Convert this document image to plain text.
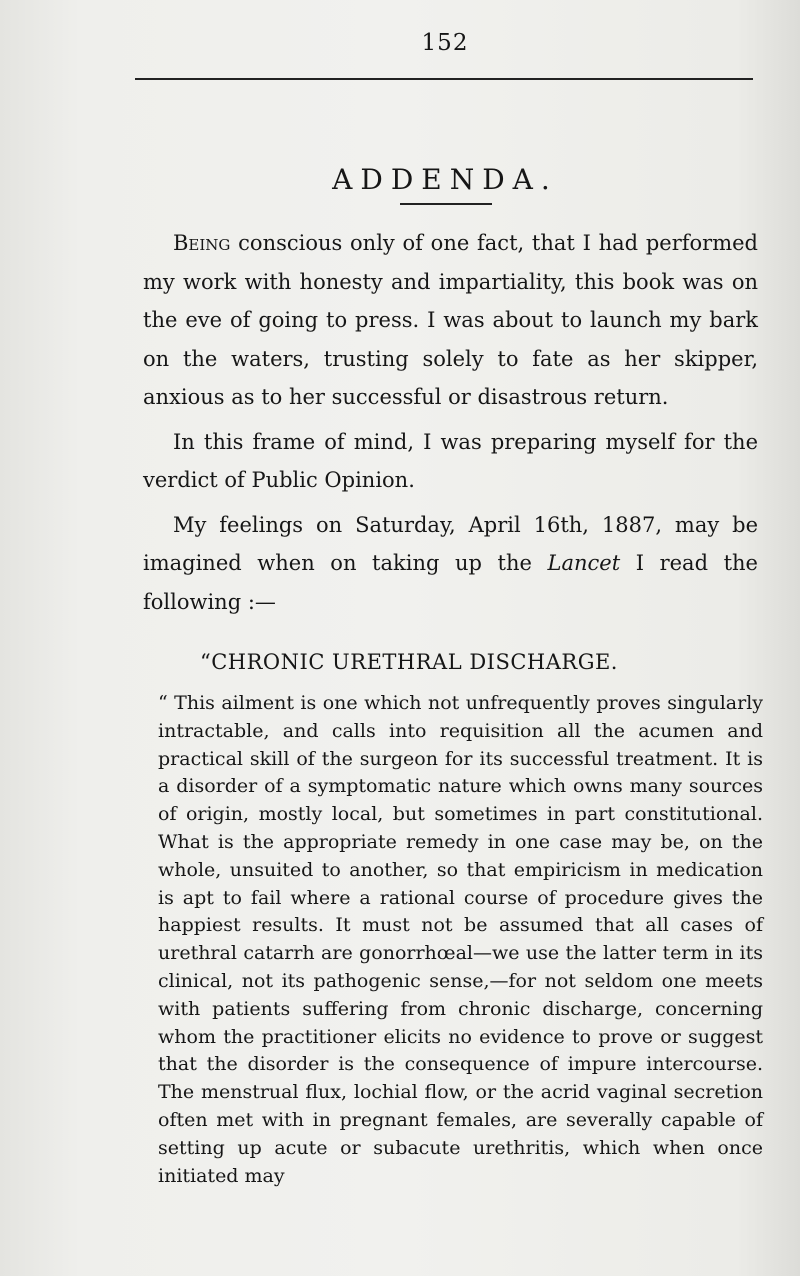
152
ADDENDA.

Being conscious only of one fact, that I had performed my work with honesty and impartiality, this book was on the eve of going to press. I was about to launch my bark on the waters, trusting solely to fate as her skipper, anxious as to her successful or disastrous return.

In this frame of mind, I was preparing myself for the verdict of Public Opinion.

My feelings on Saturday, April 16th, 1887, may be imagined when on taking up the Lancet I read the following :—

“CHRONIC URETHRAL DISCHARGE.

“ This ailment is one which not unfrequently proves singularly intractable, and calls into requisition all the acumen and practical skill of the surgeon for its successful treatment. It is a disorder of a symptomatic nature which owns many sources of origin, mostly local, but sometimes in part constitutional. What is the appropriate remedy in one case may be, on the whole, unsuited to another, so that empiricism in medication is apt to fail where a rational course of procedure gives the happiest results. It must not be assumed that all cases of urethral catarrh are gonorrhœal—we use the latter term in its clinical, not its pathogenic sense,—for not seldom one meets with patients suffering from chronic discharge, concerning whom the practitioner elicits no evidence to prove or suggest that the disorder is the consequence of impure intercourse. The menstrual flux, lochial flow, or the acrid vaginal secretion often met with in pregnant females, are severally capable of setting up acute or subacute urethritis, which when once initiated may
